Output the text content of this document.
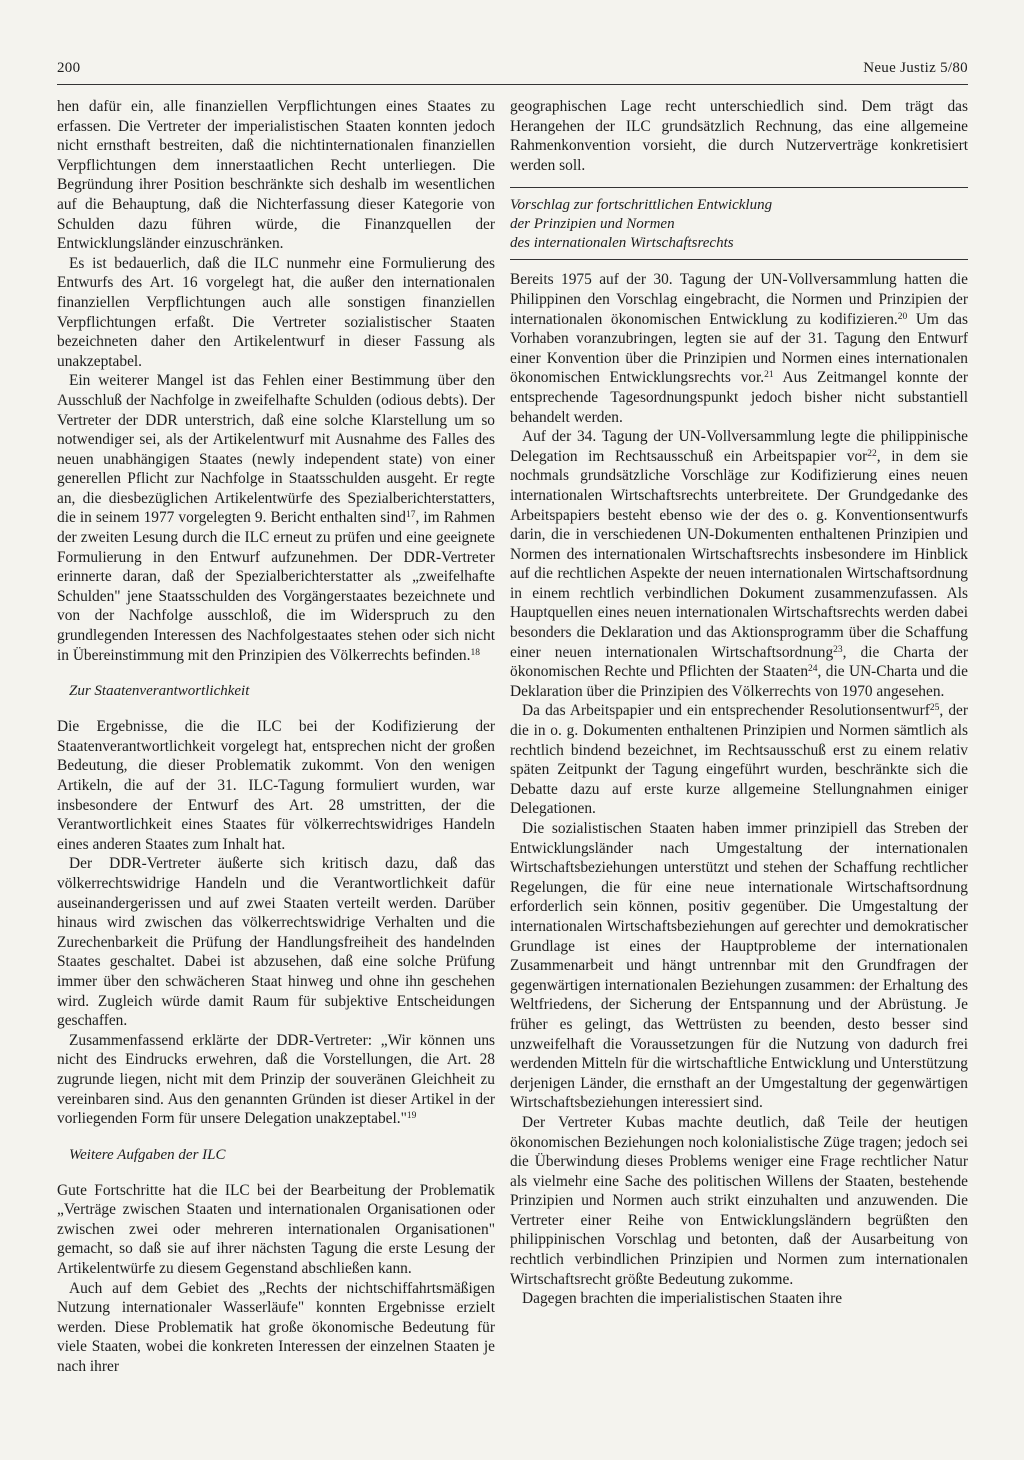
200	Neue Justiz 5/80

hen dafür ein, alle finanziellen Verpflichtungen eines Staates zu erfassen. Die Vertreter der imperialistischen Staaten konnten jedoch nicht ernsthaft bestreiten, daß die nichtinternationalen finanziellen Verpflichtungen dem innerstaatlichen Recht unterliegen. Die Begründung ihrer Position beschränkte sich deshalb im wesentlichen auf die Behauptung, daß die Nichterfassung dieser Kategorie von Schulden dazu führen würde, die Finanzquellen der Entwicklungsländer einzuschränken.

Es ist bedauerlich, daß die ILC nunmehr eine Formulierung des Entwurfs des Art. 16 vorgelegt hat, die außer den internationalen finanziellen Verpflichtungen auch alle sonstigen finanziellen Verpflichtungen erfaßt. Die Vertreter sozialistischer Staaten bezeichneten daher den Artikelentwurf in dieser Fassung als unakzeptabel.

Ein weiterer Mangel ist das Fehlen einer Bestimmung über den Ausschluß der Nachfolge in zweifelhafte Schulden (odious debts). Der Vertreter der DDR unterstrich, daß eine solche Klarstellung um so notwendiger sei, als der Artikelentwurf mit Ausnahme des Falles des neuen unabhängigen Staates (newly independent state) von einer generellen Pflicht zur Nachfolge in Staatsschulden ausgeht. Er regte an, die diesbezüglichen Artikelentwürfe des Spezialberichterstatters, die in seinem 1977 vorgelegten 9. Bericht enthalten sind$^{17}$, im Rahmen der zweiten Lesung durch die ILC erneut zu prüfen und eine geeignete Formulierung in den Entwurf aufzunehmen. Der DDR-Vertreter erinnerte daran, daß der Spezialberichterstatter als „zweifelhafte Schulden" jene Staatsschulden des Vorgängerstaates bezeichnete und von der Nachfolge ausschloß, die im Widerspruch zu den grundlegenden Interessen des Nachfolgestaates stehen oder sich nicht in Übereinstimmung mit den Prinzipien des Völkerrechts befinden.$^{18}$

Zur Staatenverantwortlichkeit

Die Ergebnisse, die die ILC bei der Kodifizierung der Staatenverantwortlichkeit vorgelegt hat, entsprechen nicht der großen Bedeutung, die dieser Problematik zukommt. Von den wenigen Artikeln, die auf der 31. ILC-Tagung formuliert wurden, war insbesondere der Entwurf des Art. 28 umstritten, der die Verantwortlichkeit eines Staates für völkerrechtswidriges Handeln eines anderen Staates zum Inhalt hat.

Der DDR-Vertreter äußerte sich kritisch dazu, daß das völkerrechtswidrige Handeln und die Verantwortlichkeit dafür auseinandergerissen und auf zwei Staaten verteilt werden. Darüber hinaus wird zwischen das völkerrechtswidrige Verhalten und die Zurechenbarkeit die Prüfung der Handlungsfreiheit des handelnden Staates geschaltet. Dabei ist abzusehen, daß eine solche Prüfung immer über den schwächeren Staat hinweg und ohne ihn geschehen wird. Zugleich würde damit Raum für subjektive Entscheidungen geschaffen.

Zusammenfassend erklärte der DDR-Vertreter: „Wir können uns nicht des Eindrucks erwehren, daß die Vorstellungen, die Art. 28 zugrunde liegen, nicht mit dem Prinzip der souveränen Gleichheit zu vereinbaren sind. Aus den genannten Gründen ist dieser Artikel in der vorliegenden Form für unsere Delegation unakzeptabel."$^{19}$

Weitere Aufgaben der ILC

Gute Fortschritte hat die ILC bei der Bearbeitung der Problematik „Verträge zwischen Staaten und internationalen Organisationen oder zwischen zwei oder mehreren internationalen Organisationen" gemacht, so daß sie auf ihrer nächsten Tagung die erste Lesung der Artikelentwürfe zu diesem Gegenstand abschließen kann.

Auch auf dem Gebiet des „Rechts der nichtschiffahrtsmäßigen Nutzung internationaler Wasserläufe" konnten Ergebnisse erzielt werden. Diese Problematik hat große ökonomische Bedeutung für viele Staaten, wobei die konkreten Interessen der einzelnen Staaten je nach ihrer

geographischen Lage recht unterschiedlich sind. Dem trägt das Herangehen der ILC grundsätzlich Rechnung, das eine allgemeine Rahmenkonvention vorsieht, die durch Nutzerverträge konkretisiert werden soll.

Vorschlag zur fortschrittlichen Entwicklung
der Prinzipien und Normen
des internationalen Wirtschaftsrechts

Bereits 1975 auf der 30. Tagung der UN-Vollversammlung hatten die Philippinen den Vorschlag eingebracht, die Normen und Prinzipien der internationalen ökonomischen Entwicklung zu kodifizieren.$^{20}$ Um das Vorhaben voranzubringen, legten sie auf der 31. Tagung den Entwurf einer Konvention über die Prinzipien und Normen eines internationalen ökonomischen Entwicklungsrechts vor.$^{21}$ Aus Zeitmangel konnte der entsprechende Tagesordnungspunkt jedoch bisher nicht substantiell behandelt werden.

Auf der 34. Tagung der UN-Vollversammlung legte die philippinische Delegation im Rechtsausschuß ein Arbeitspapier vor$^{22}$, in dem sie nochmals grundsätzliche Vorschläge zur Kodifizierung eines neuen internationalen Wirtschaftsrechts unterbreitete. Der Grundgedanke des Arbeitspapiers besteht ebenso wie der des o. g. Konventionsentwurfs darin, die in verschiedenen UN-Dokumenten enthaltenen Prinzipien und Normen des internationalen Wirtschaftsrechts insbesondere im Hinblick auf die rechtlichen Aspekte der neuen internationalen Wirtschaftsordnung in einem rechtlich verbindlichen Dokument zusammenzufassen. Als Hauptquellen eines neuen internationalen Wirtschaftsrechts werden dabei besonders die Deklaration und das Aktionsprogramm über die Schaffung einer neuen internationalen Wirtschaftsordnung$^{23}$, die Charta der ökonomischen Rechte und Pflichten der Staaten$^{24}$, die UN-Charta und die Deklaration über die Prinzipien des Völkerrechts von 1970 angesehen.

Da das Arbeitspapier und ein entsprechender Resolutionsentwurf$^{25}$, der die in o. g. Dokumenten enthaltenen Prinzipien und Normen sämtlich als rechtlich bindend bezeichnet, im Rechtsausschuß erst zu einem relativ späten Zeitpunkt der Tagung eingeführt wurden, beschränkte sich die Debatte dazu auf erste kurze allgemeine Stellungnahmen einiger Delegationen.

Die sozialistischen Staaten haben immer prinzipiell das Streben der Entwicklungsländer nach Umgestaltung der internationalen Wirtschaftsbeziehungen unterstützt und stehen der Schaffung rechtlicher Regelungen, die für eine neue internationale Wirtschaftsordnung erforderlich sein können, positiv gegenüber. Die Umgestaltung der internationalen Wirtschaftsbeziehungen auf gerechter und demokratischer Grundlage ist eines der Hauptprobleme der internationalen Zusammenarbeit und hängt untrennbar mit den Grundfragen der gegenwärtigen internationalen Beziehungen zusammen: der Erhaltung des Weltfriedens, der Sicherung der Entspannung und der Abrüstung. Je früher es gelingt, das Wettrüsten zu beenden, desto besser sind unzweifelhaft die Voraussetzungen für die Nutzung von dadurch frei werdenden Mitteln für die wirtschaftliche Entwicklung und Unterstützung derjenigen Länder, die ernsthaft an der Umgestaltung der gegenwärtigen Wirtschaftsbeziehungen interessiert sind.

Der Vertreter Kubas machte deutlich, daß Teile der heutigen ökonomischen Beziehungen noch kolonialistische Züge tragen; jedoch sei die Überwindung dieses Problems weniger eine Frage rechtlicher Natur als vielmehr eine Sache des politischen Willens der Staaten, bestehende Prinzipien und Normen auch strikt einzuhalten und anzuwenden. Die Vertreter einer Reihe von Entwicklungsländern begrüßten den philippinischen Vorschlag und betonten, daß der Ausarbeitung von rechtlich verbindlichen Prinzipien und Normen zum internationalen Wirtschaftsrecht größte Bedeutung zukomme.

Dagegen brachten die imperialistischen Staaten ihre
